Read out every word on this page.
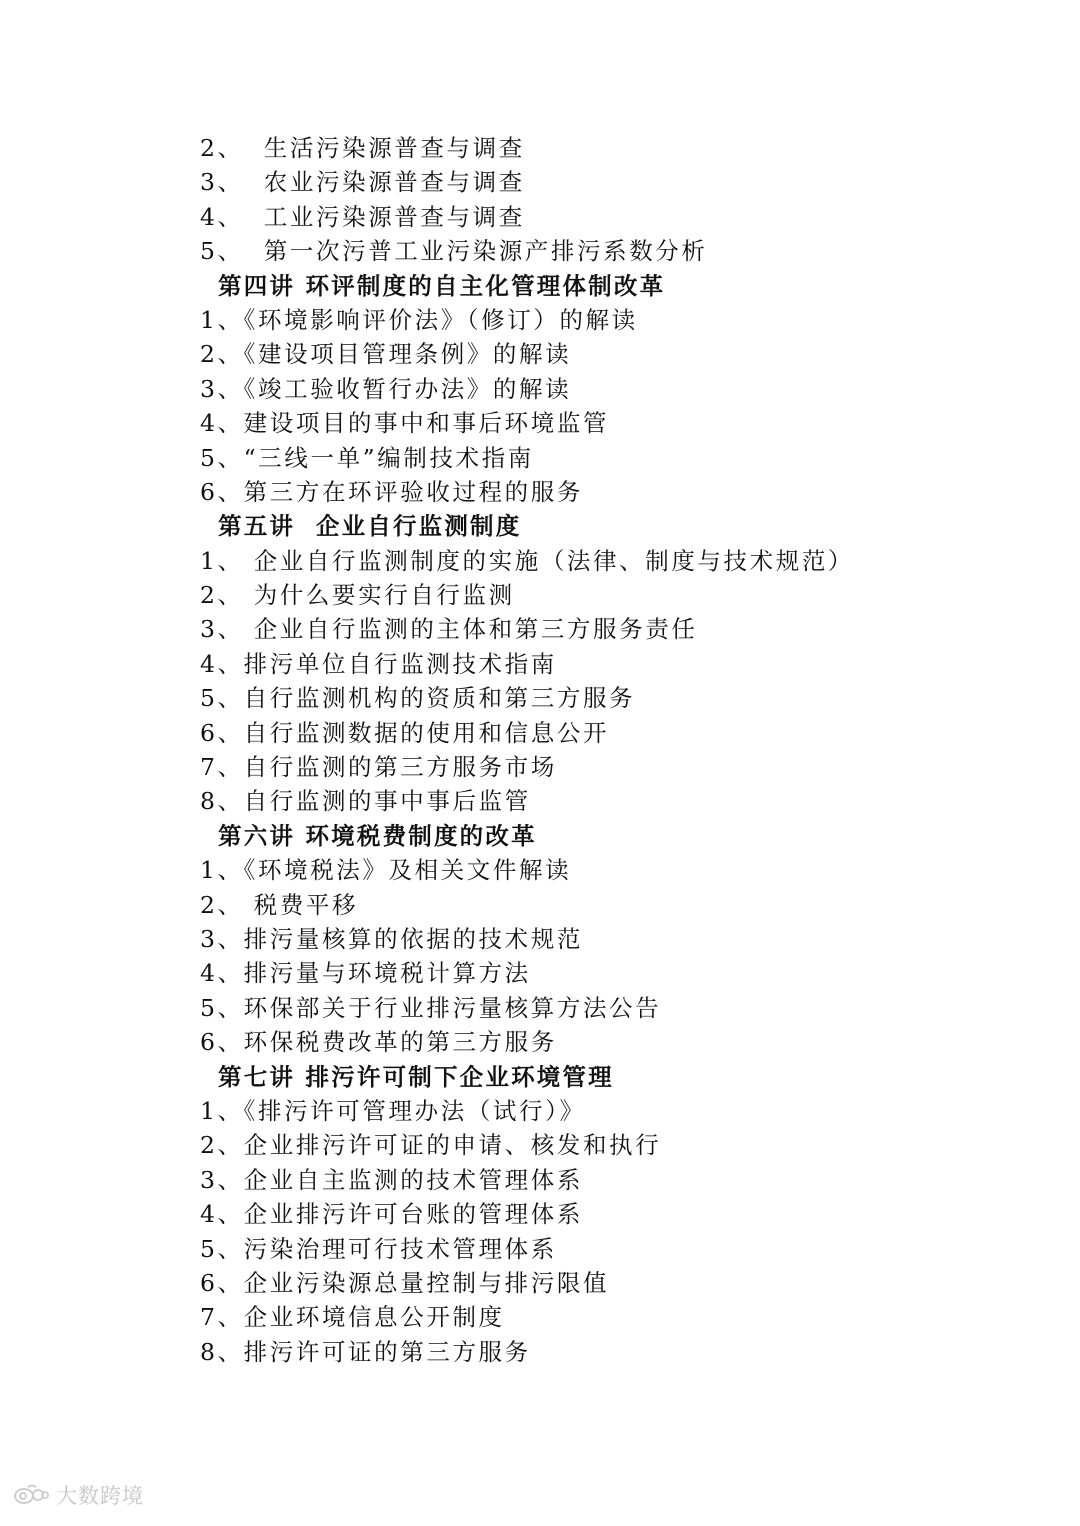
2、  生活污染源普查与调查
3、  农业污染源普查与调查
4、  工业污染源普查与调查
5、  第一次污普工业污染源产排污系数分析
第四讲 环评制度的自主化管理体制改革
1、《环境影响评价法》（修订）的解读
2、《建设项目管理条例》的解读
3、《竣工验收暂行办法》的解读
4、建设项目的事中和事后环境监管
5、“三线一单”编制技术指南
6、第三方在环评验收过程的服务
第五讲  企业自行监测制度
1、 企业自行监测制度的实施（法律、制度与技术规范）
2、 为什么要实行自行监测
3、 企业自行监测的主体和第三方服务责任
4、排污单位自行监测技术指南
5、自行监测机构的资质和第三方服务
6、自行监测数据的使用和信息公开
7、自行监测的第三方服务市场
8、自行监测的事中事后监管
第六讲 环境税费制度的改革
1、《环境税法》及相关文件解读
2、 税费平移
3、排污量核算的依据的技术规范
4、排污量与环境税计算方法
5、环保部关于行业排污量核算方法公告
6、环保税费改革的第三方服务
第七讲 排污许可制下企业环境管理
1、《排污许可管理办法（试行）》
2、企业排污许可证的申请、核发和执行
3、企业自主监测的技术管理体系
4、企业排污许可台账的管理体系
5、污染治理可行技术管理体系
6、企业污染源总量控制与排污限值
7、企业环境信息公开制度
8、排污许可证的第三方服务
大数跨境
